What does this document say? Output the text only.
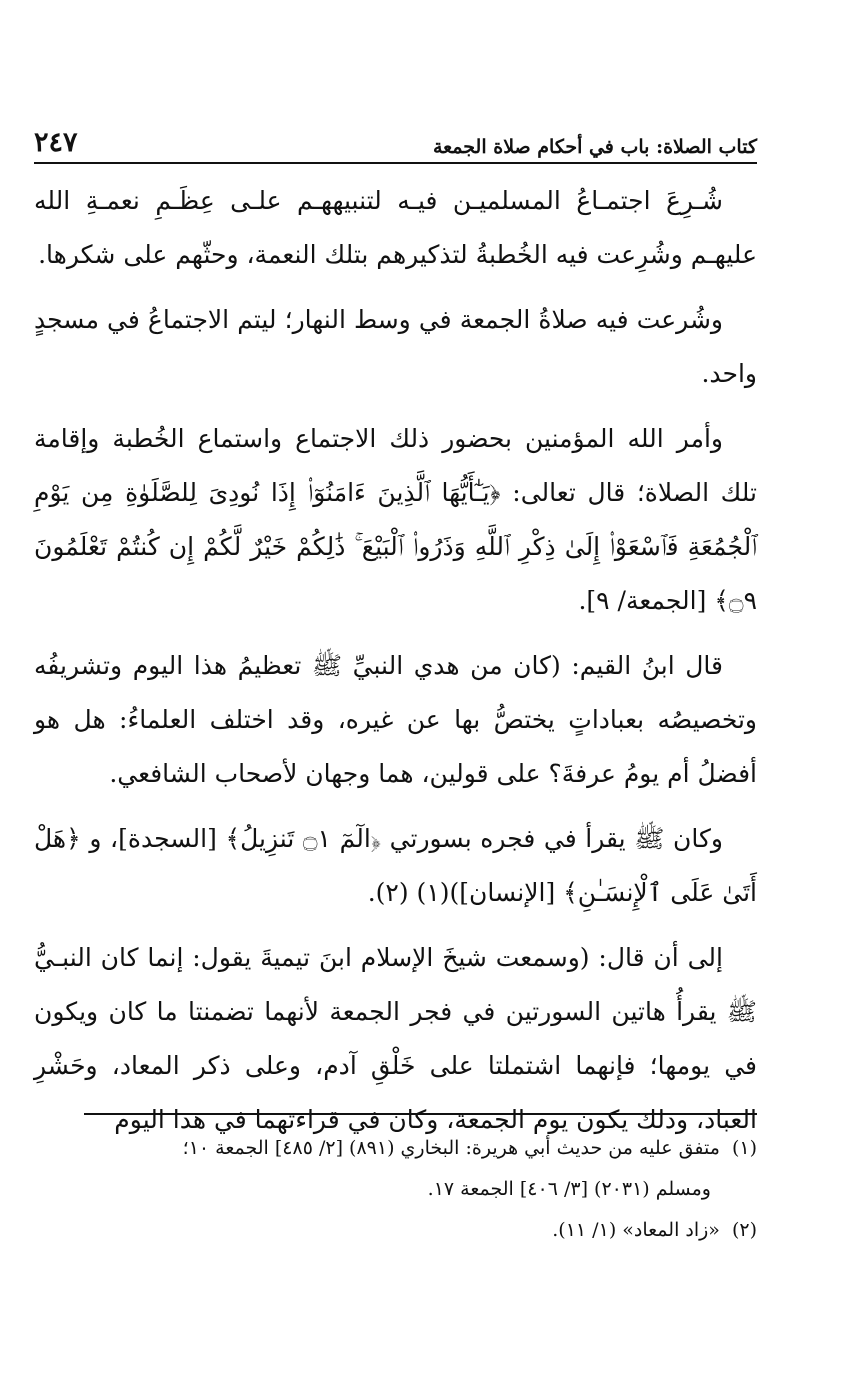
كتاب الصلاة: باب في أحكام صلاة الجمعة
٢٤٧

شُـرِعَ اجتمـاعُ المسلميـن فيـه لتنبيههـم علـى عِظَـمِ نعمـةِ الله عليهـم وشُرِعت فيه الخُطبةُ لتذكيرهم بتلك النعمة، وحثّهم على شكرها.

وشُرعت فيه صلاةُ الجمعة في وسط النهار؛ ليتم الاجتماعُ في مسجدٍ واحد.

وأمر الله المؤمنين بحضور ذلك الاجتماع واستماع الخُطبة وإقامة تلك الصلاة؛ قال تعالى: ﴿يَـٰٓأَيُّهَا ٱلَّذِينَ ءَامَنُوٓا۟ إِذَا نُودِىَ لِلصَّلَوٰةِ مِن يَوْمِ ٱلْجُمُعَةِ فَٱسْعَوْا۟ إِلَىٰ ذِكْرِ ٱللَّهِ وَذَرُوا۟ ٱلْبَيْعَ ۚ ذَٰلِكُمْ خَيْرٌ لَّكُمْ إِن كُنتُمْ تَعْلَمُونَ ۝٩﴾ [الجمعة/ ٩].

قال ابنُ القيم: (كان من هدي النبيِّ ﷺ تعظيمُ هذا اليوم وتشريفُه وتخصيصُه بعباداتٍ يختصُّ بها عن غيره، وقد اختلف العلماءُ: هل هو أفضلُ أم يومُ عرفةَ؟ على قولين، هما وجهان لأصحاب الشافعي.

وكان ﷺ يقرأ في فجره بسورتي ﴿الٓمٓ ۝١ تَنزِيلُ﴾ [السجدة]، و ﴿هَلْ أَتَىٰ عَلَى ٱلْإِنسَـٰنِ﴾ [الإنسان])(١) (٢).

إلى أن قال: (وسمعت شيخَ الإسلام ابنَ تيميةَ يقول: إنما كان النبـيُّ ﷺ يقرأُ هاتين السورتين في فجر الجمعة لأنهما تضمنتا ما كان ويكون في يومها؛ فإنهما اشتملتا على خَلْقِ آدم، وعلى ذكر المعاد، وحَشْرِ العباد، وذلك يكون يوم الجمعة، وكان في قراءتهما في هذا اليوم

(١)متفق عليه من حديث أبي هريرة: البخاري (٨٩١) [٢/ ٤٨٥] الجمعة ١٠؛

ومسلم (٢٠٣١) [٣/ ٤٠٦] الجمعة ١٧.

(٢)«زاد المعاد» (١/ ١١).
